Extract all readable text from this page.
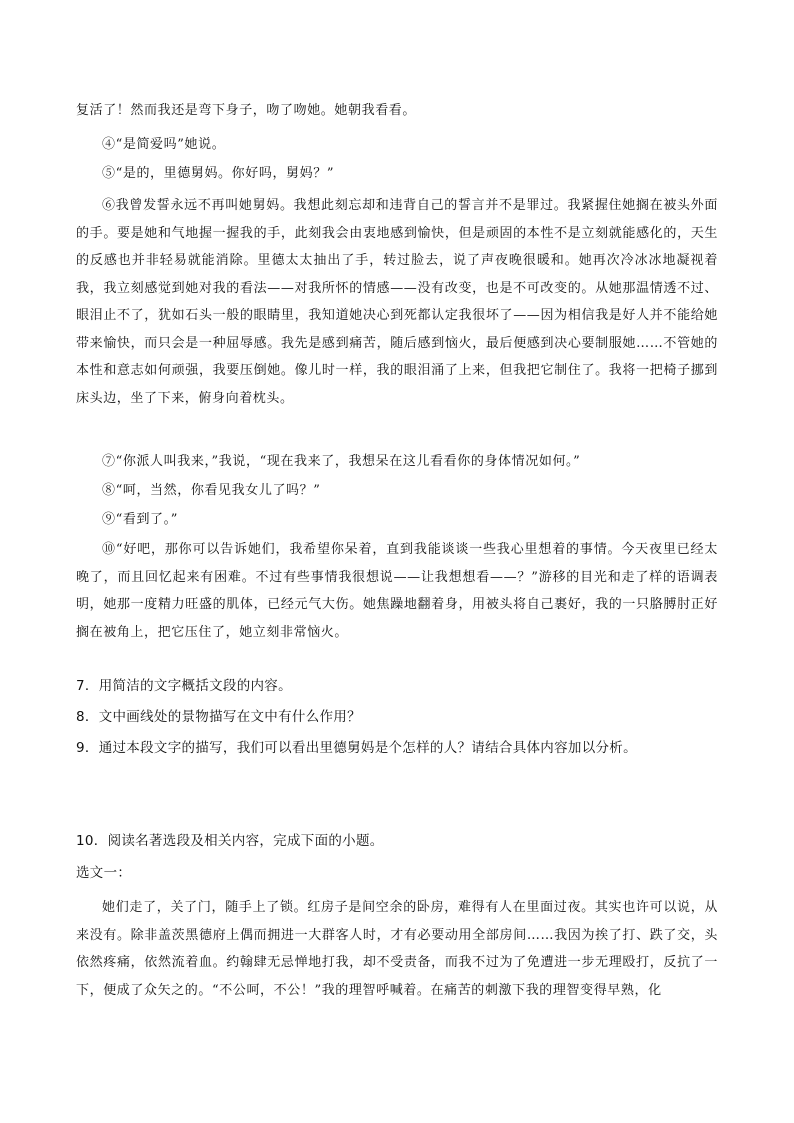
复活了！然而我还是弯下身子，吻了吻她。她朝我看看。

④“是简爱吗”她说。

⑤“是的，里德舅妈。你好吗，舅妈？”

⑥我曾发誓永远不再叫她舅妈。我想此刻忘却和违背自己的誓言并不是罪过。我紧握住她搁在被头外面的手。要是她和气地握一握我的手，此刻我会由衷地感到愉快，但是顽固的本性不是立刻就能感化的，天生的反感也并非轻易就能消除。里德太太抽出了手，转过脸去，说了声夜晚很暖和。她再次冷冰冰地凝视着我，我立刻感觉到她对我的看法——对我所怀的情感——没有改变，也是不可改变的。从她那温情透不过、眼泪止不了，犹如石头一般的眼睛里，我知道她决心到死都认定我很坏了——因为相信我是好人并不能给她带来愉快，而只会是一种屈辱感。我先是感到痛苦，随后感到恼火，最后便感到决心要制服她……不管她的本性和意志如何顽强，我要压倒她。像儿时一样，我的眼泪涌了上来，但我把它制住了。我将一把椅子挪到床头边，坐了下来，俯身向着枕头。

⑦“你派人叫我来，”我说，“现在我来了，我想呆在这儿看看你的身体情况如何。”

⑧“呵，当然，你看见我女儿了吗？”

⑨“看到了。”

⑩“好吧，那你可以告诉她们，我希望你呆着，直到我能谈谈一些我心里想着的事情。今天夜里已经太晚了，而且回忆起来有困难。不过有些事情我很想说——让我想想看——？”游移的目光和走了样的语调表明，她那一度精力旺盛的肌体，已经元气大伤。她焦躁地翻着身，用被头将自己裹好，我的一只胳膊肘正好搁在被角上，把它压住了，她立刻非常恼火。

7．用简洁的文字概括文段的内容。

8．文中画线处的景物描写在文中有什么作用？

9．通过本段文字的描写，我们可以看出里德舅妈是个怎样的人？请结合具体内容加以分析。

10．阅读名著选段及相关内容，完成下面的小题。

选文一：

她们走了，关了门，随手上了锁。红房子是间空余的卧房，难得有人在里面过夜。其实也许可以说，从来没有。除非盖茨黑德府上偶而拥进一大群客人时，才有必要动用全部房间……我因为挨了打、跌了交，头依然疼痛，依然流着血。约翰肆无忌惮地打我，却不受责备，而我不过为了免遭进一步无理殴打，反抗了一下，便成了众矢之的。“不公呵，不公！”我的理智呼喊着。在痛苦的刺激下我的理智变得早熟，化
